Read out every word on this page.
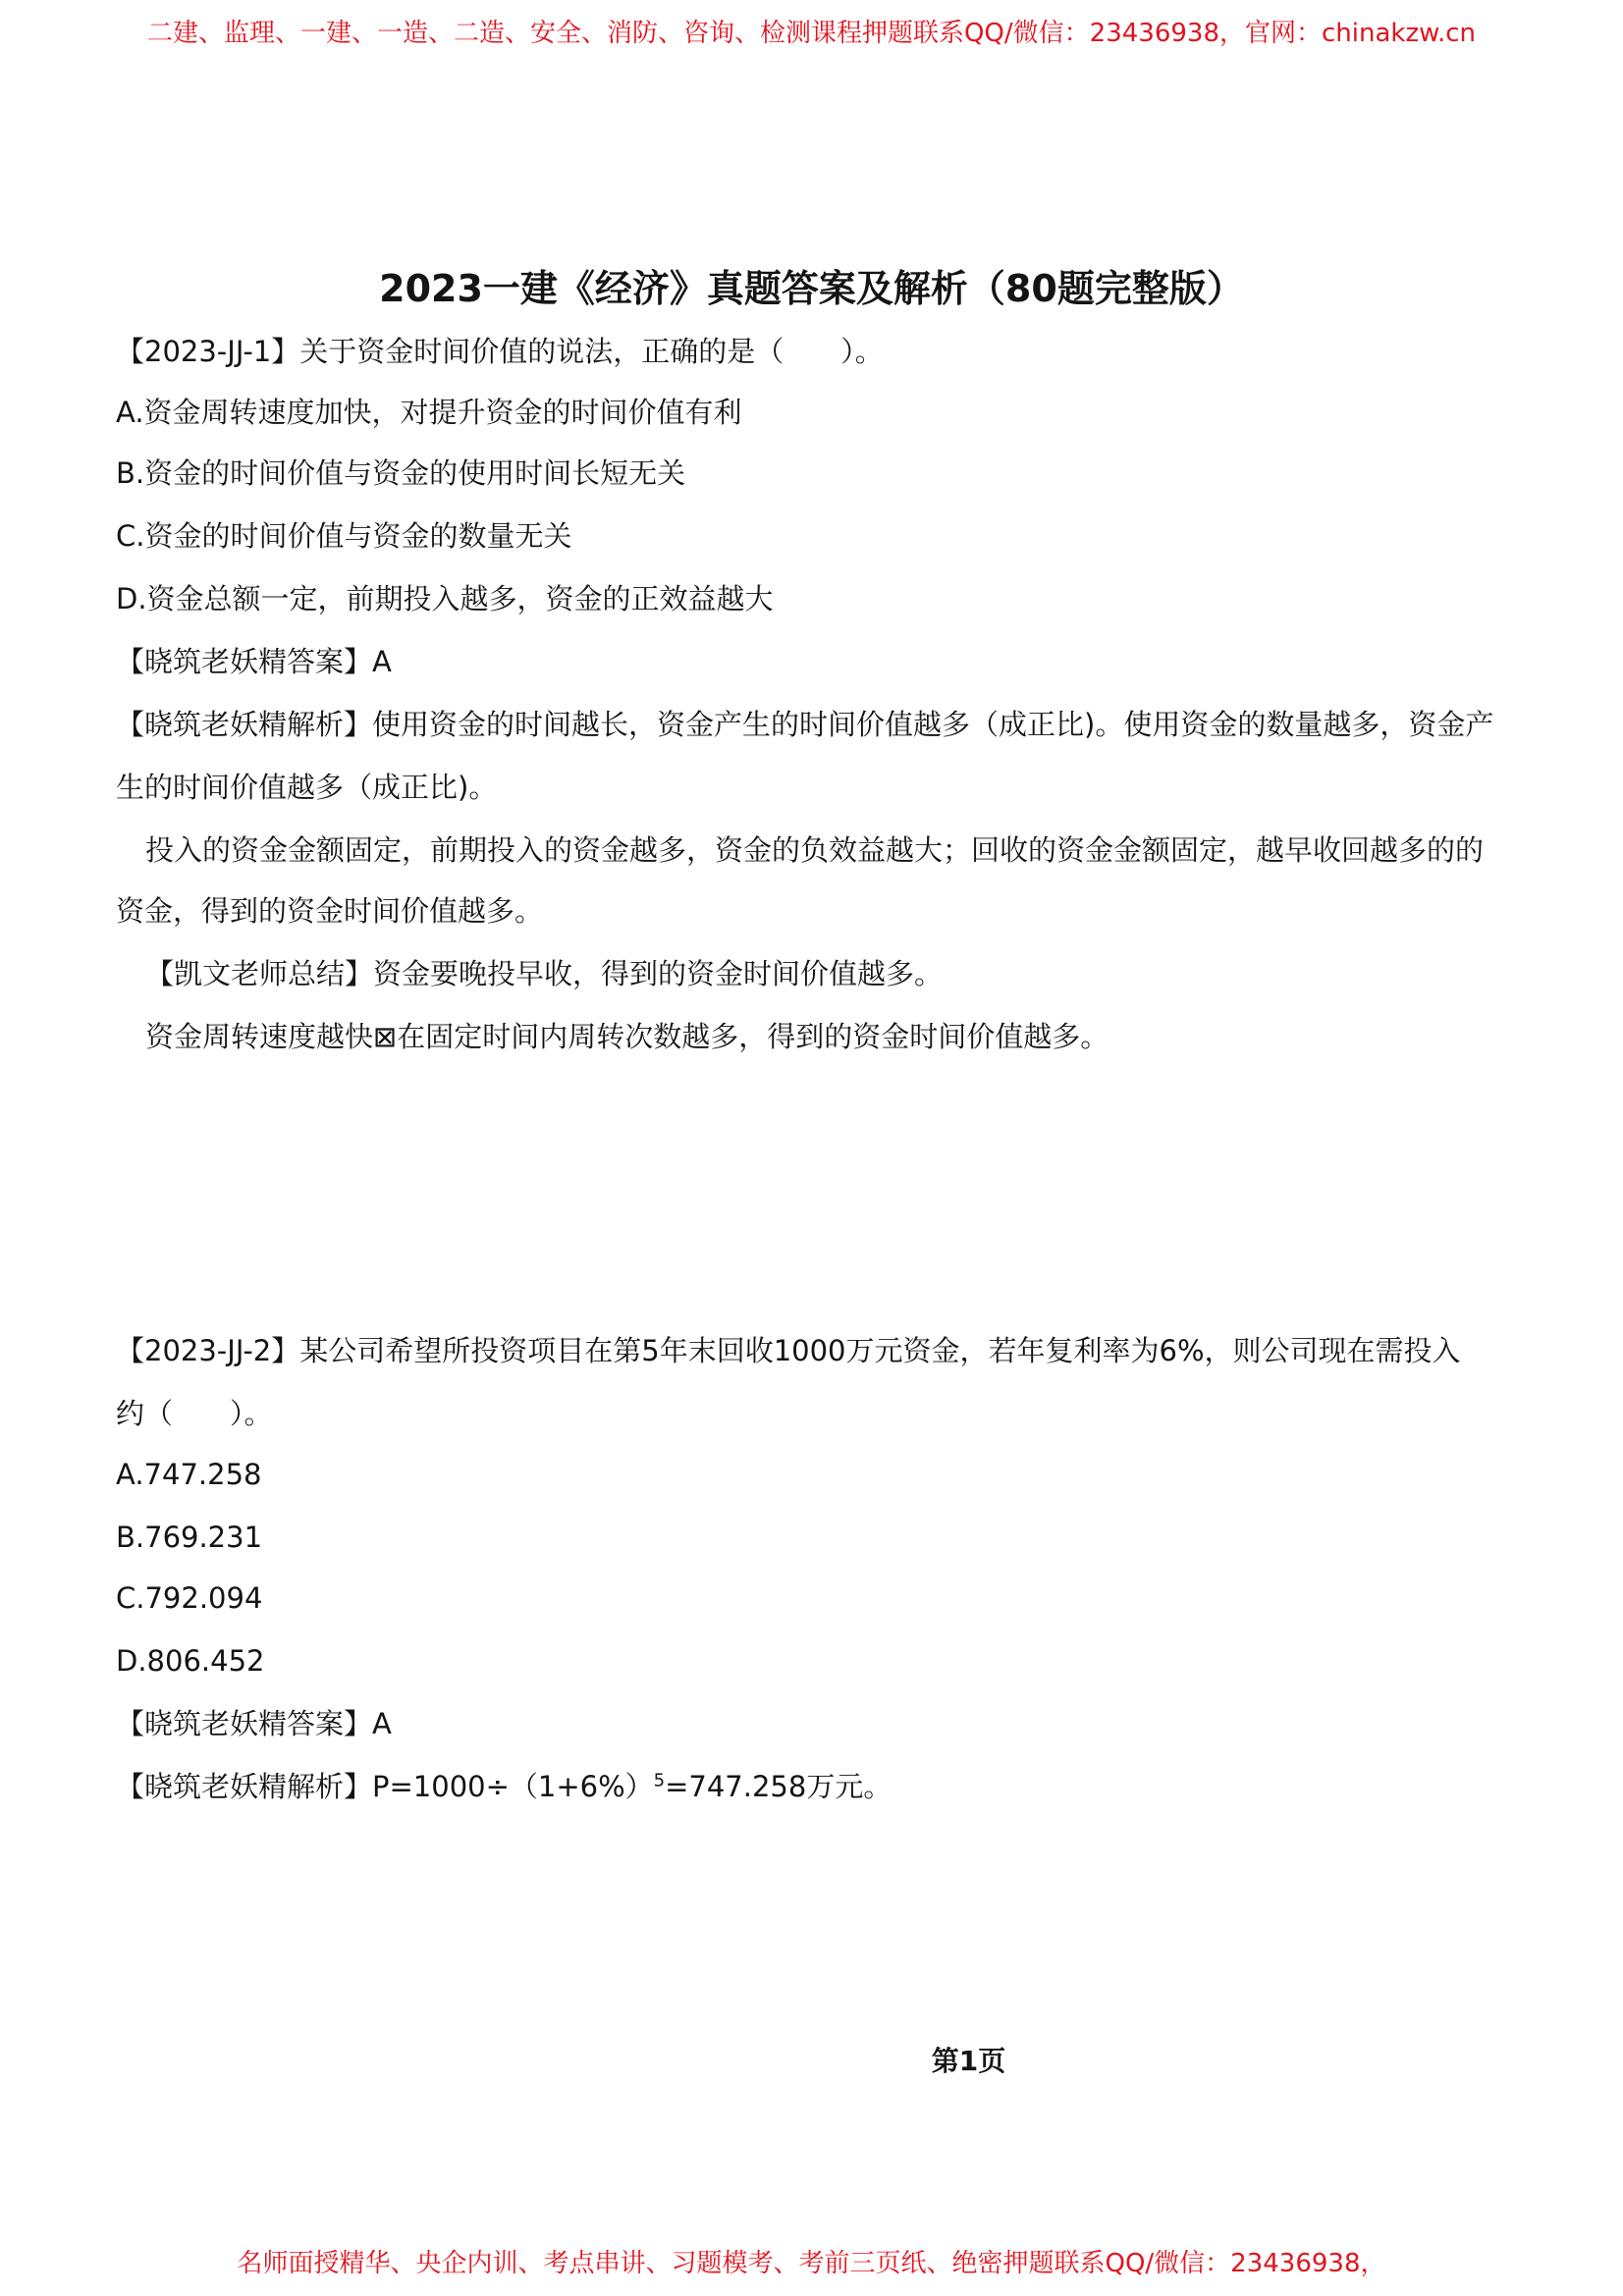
二建、监理、一建、一造、二造、安全、消防、咨询、检测课程押题联系QQ/微信：23436938，官网：chinakzw.cn
2023一建《经济》真题答案及解析（80题完整版）
【2023-JJ-1】关于资金时间价值的说法，正确的是（　　）。
A.资金周转速度加快，对提升资金的时间价值有利
B.资金的时间价值与资金的使用时间长短无关
C.资金的时间价值与资金的数量无关
D.资金总额一定，前期投入越多，资金的正效益越大
【晓筑老妖精答案】A
【晓筑老妖精解析】使用资金的时间越长，资金产生的时间价值越多（成正比)。使用资金的数量越多，资金产
生的时间价值越多（成正比)。
投入的资金金额固定，前期投入的资金越多，资金的负效益越大；回收的资金金额固定，越早收回越多的的
资金，得到的资金时间价值越多。
【凯文老师总结】资金要晚投早收，得到的资金时间价值越多。
资金周转速度越快⊠在固定时间内周转次数越多，得到的资金时间价值越多。
【2023-JJ-2】某公司希望所投资项目在第5年末回收1000万元资金，若年复利率为6%，则公司现在需投入
约（　　）。
A.747.258
B.769.231
C.792.094
D.806.452
【晓筑老妖精答案】A
【晓筑老妖精解析】$P=1000\div(1+6\%)^5=747.258$万元。
第1页
名师面授精华、央企内训、考点串讲、习题模考、考前三页纸、绝密押题联系QQ/微信：23436938，
